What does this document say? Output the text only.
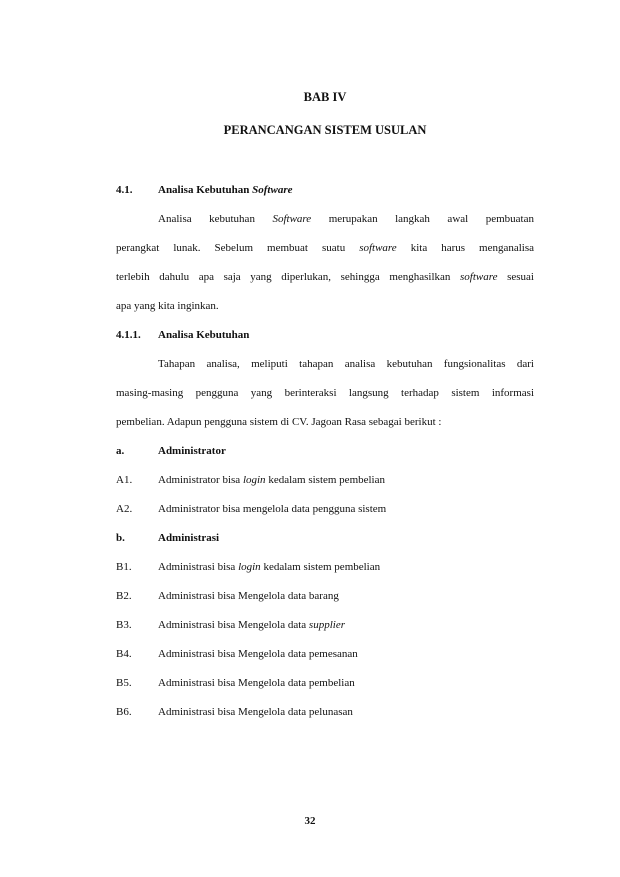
BAB IV
PERANCANGAN SISTEM USULAN
4.1. Analisa Kebutuhan Software
Analisa kebutuhan Software merupakan langkah awal pembuatan
perangkat lunak. Sebelum membuat suatu software kita harus menganalisa
terlebih dahulu apa saja yang diperlukan, sehingga menghasilkan software sesuai
apa yang kita inginkan.
4.1.1. Analisa Kebutuhan
Tahapan analisa, meliputi tahapan analisa kebutuhan fungsionalitas dari
masing-masing pengguna yang berinteraksi langsung terhadap sistem informasi
pembelian. Adapun pengguna sistem di CV. Jagoan Rasa sebagai berikut :
a.	Administrator
A1. Administrator bisa login kedalam sistem pembelian
A2. Administrator bisa mengelola data pengguna sistem
b.	Administrasi
B1. Administrasi bisa login kedalam sistem pembelian
B2. Administrasi bisa Mengelola data barang
B3. Administrasi bisa Mengelola data supplier
B4. Administrasi bisa Mengelola data pemesanan
B5. Administrasi bisa Mengelola data pembelian
B6. Administrasi bisa Mengelola data pelunasan
32
